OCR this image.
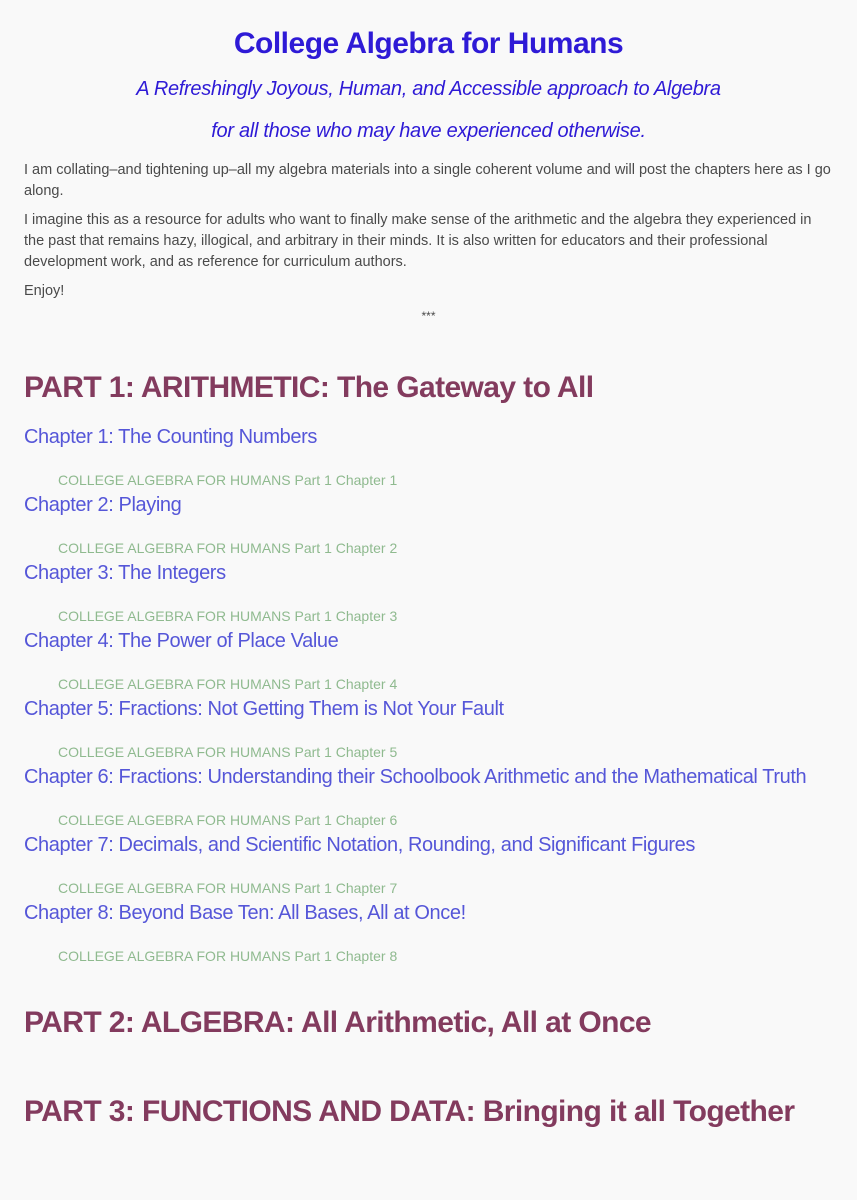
College Algebra for Humans

A Refreshingly Joyous, Human, and Accessible approach to Algebra

for all those who may have experienced otherwise.

I am collating–and tightening up–all my algebra materials into a single coherent volume and will post the chapters here as I go along.

I imagine this as a resource for adults who want to finally make sense of the arithmetic and the algebra they experienced in the past that remains hazy, illogical, and arbitrary in their minds. It is also written for educators and their professional development work, and as reference for curriculum authors.

Enjoy!

***
PART 1: ARITHMETIC: The Gateway to All
Chapter 1: The Counting Numbers
COLLEGE ALGEBRA FOR HUMANS Part 1 Chapter 1
Chapter 2: Playing
COLLEGE ALGEBRA FOR HUMANS Part 1 Chapter 2
Chapter 3: The Integers
COLLEGE ALGEBRA FOR HUMANS Part 1 Chapter 3
Chapter 4: The Power of Place Value
COLLEGE ALGEBRA FOR HUMANS Part 1 Chapter 4
Chapter 5: Fractions: Not Getting Them is Not Your Fault
COLLEGE ALGEBRA FOR HUMANS Part 1 Chapter 5
Chapter 6: Fractions: Understanding their Schoolbook Arithmetic and the Mathematical Truth
COLLEGE ALGEBRA FOR HUMANS Part 1 Chapter 6
Chapter 7: Decimals, and Scientific Notation, Rounding, and Significant Figures
COLLEGE ALGEBRA FOR HUMANS Part 1 Chapter 7
Chapter 8: Beyond Base Ten: All Bases, All at Once!
COLLEGE ALGEBRA FOR HUMANS Part 1 Chapter 8
PART 2: ALGEBRA: All Arithmetic, All at Once
PART 3: FUNCTIONS AND DATA: Bringing it all Together
